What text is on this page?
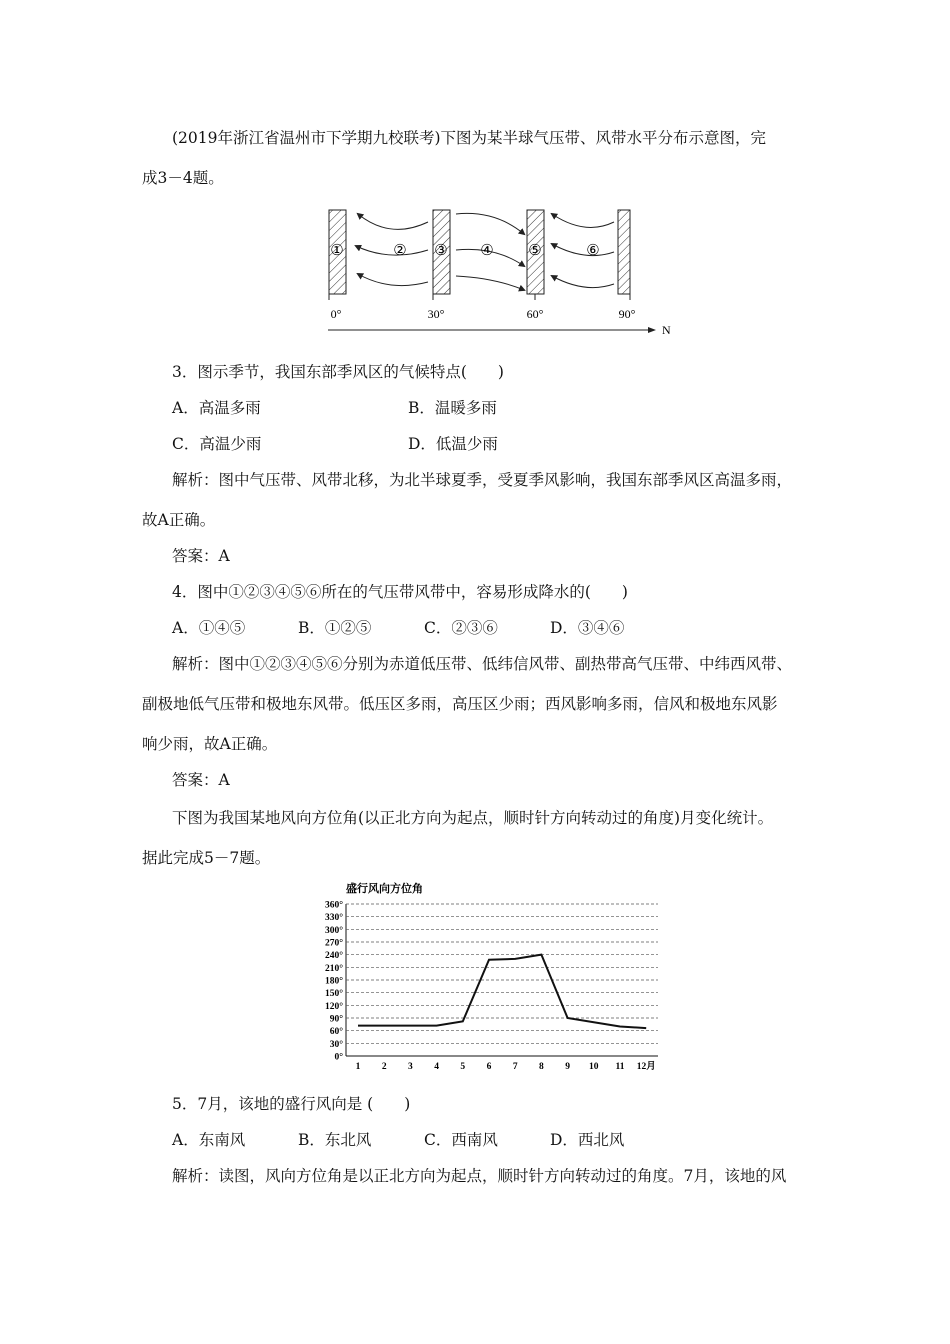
(2019年浙江省温州市下学期九校联考)下图为某半球气压带、风带水平分布示意图，完
成3－4题。
①	② ③ ④ ⑤	⑥
0°	30°	60°	90°
N
3．图示季节，我国东部季风区的气候特点(　　)
A．高温多雨	B．温暖多雨
C．高温少雨	D．低温少雨
解析：图中气压带、风带北移，为北半球夏季，受夏季风影响，我国东部季风区高温多雨，
故A正确。
答案：A
4．图中①②③④⑤⑥所在的气压带风带中，容易形成降水的(　　)
A．①④⑤	B．①②⑤	C．②③⑥	D．③④⑥
解析：图中①②③④⑤⑥分别为赤道低压带、低纬信风带、副热带高气压带、中纬西风带、
副极地低气压带和极地东风带。低压区多雨，高压区少雨；西风影响多雨，信风和极地东风影
响少雨，故A正确。
答案：A
下图为我国某地风向方位角(以正北方向为起点，顺时针方向转动过的角度)月变化统计。
据此完成5－7题。
盛行风向方位角
0°
30°
60°
90°
120°
150°
180°
210°
240°
270°
300°
330°
360°
1 2 3 4 5 6 7 8 9 10 11 12月
5．7月，该地的盛行风向是 (　　)
A．东南风	B．东北风	C．西南风	D．西北风
解析：读图，风向方位角是以正北方向为起点，顺时针方向转动过的角度。7月，该地的风
